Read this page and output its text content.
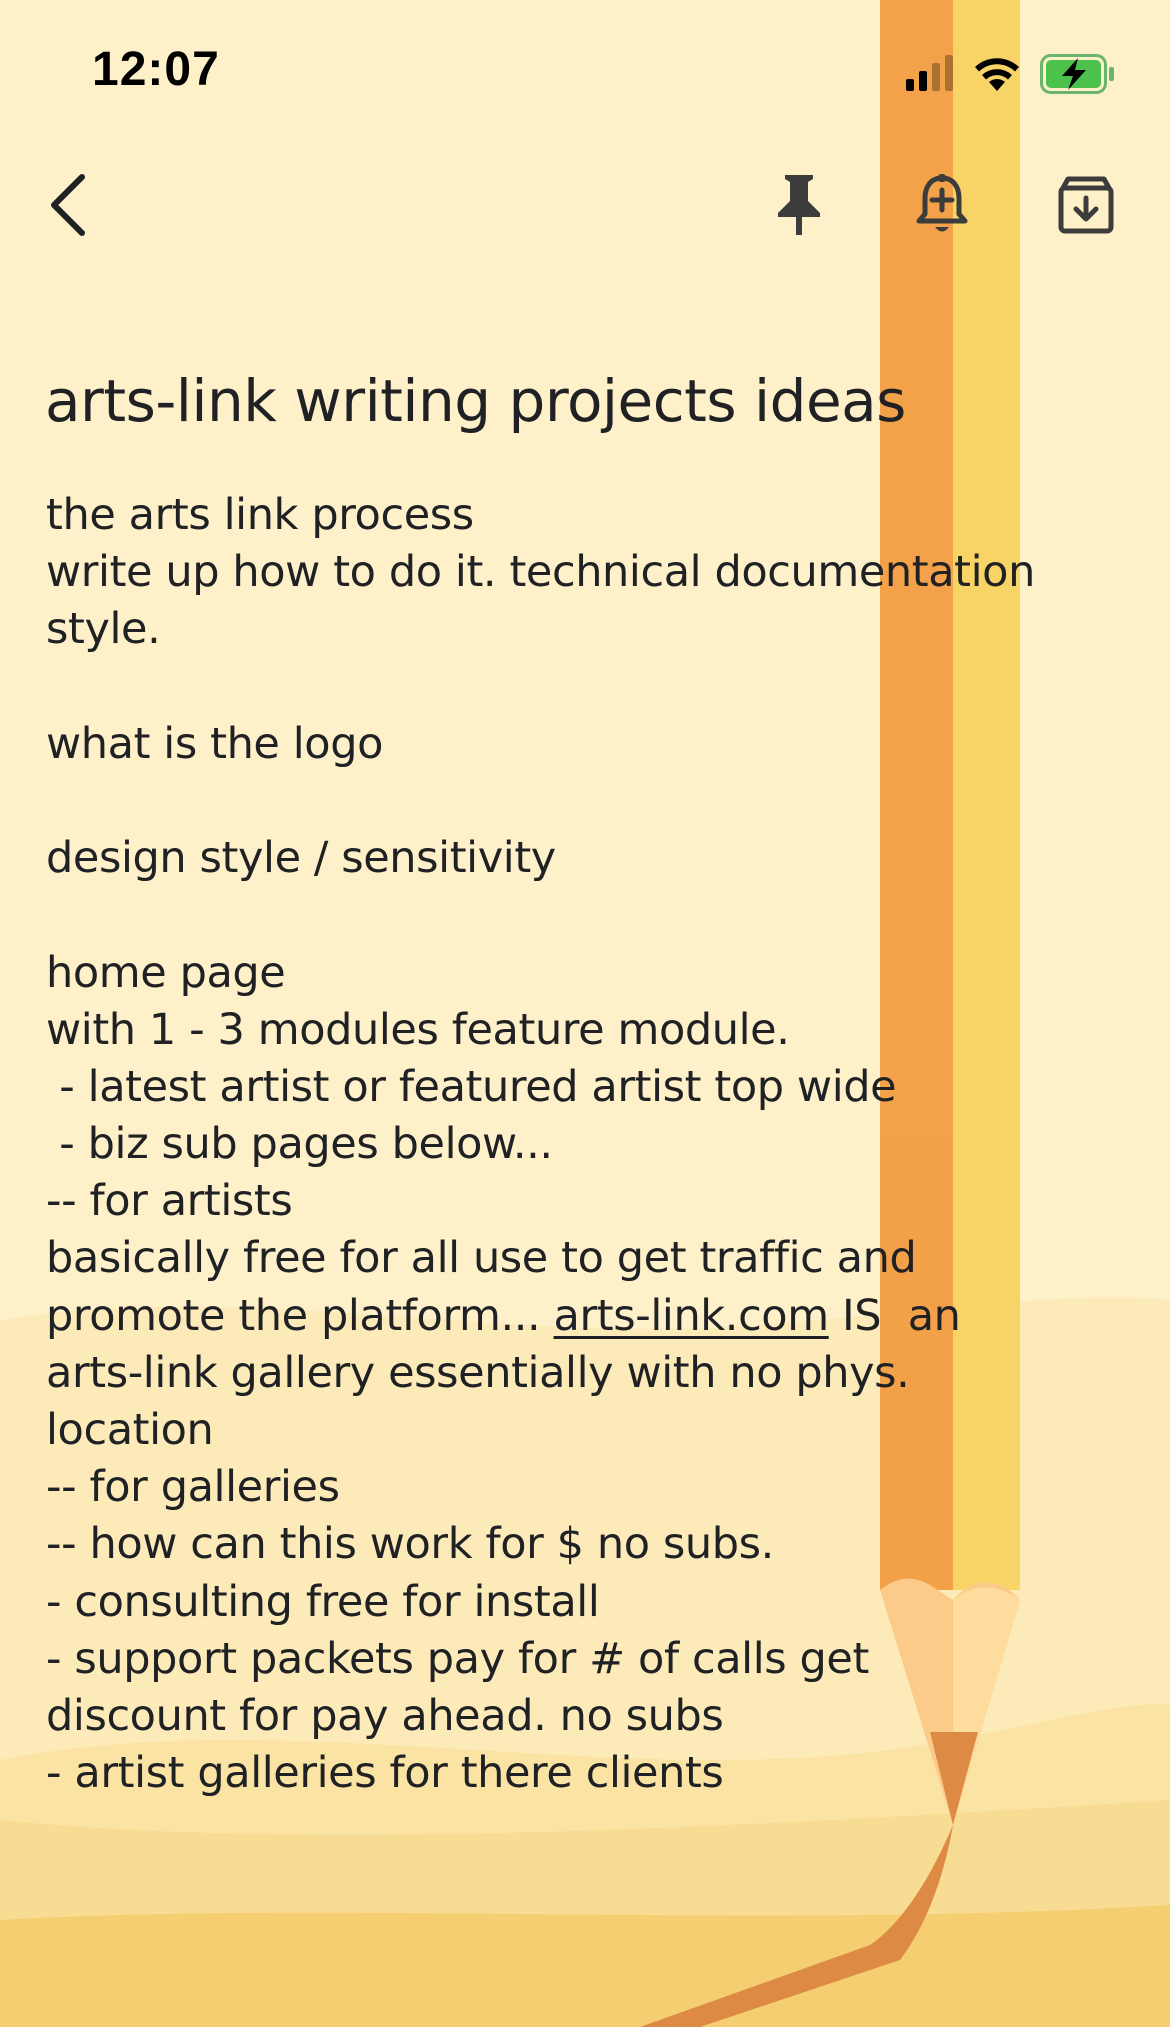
12:07
arts-link writing projects ideas
the arts link process
write up how to do it. technical documentation
style.
what is the logo
design style / sensitivity
home page
with 1 - 3 modules feature module.
- latest artist or featured artist top wide
- biz sub pages below...
-- for artists
basically free for all use to get traffic and
promote the platform... arts-link.com IS  an
arts-link gallery essentially with no phys.
location
-- for galleries
-- how can this work for $ no subs.
- consulting free for install
- support packets pay for # of calls get
discount for pay ahead. no subs
- artist galleries for there clients
